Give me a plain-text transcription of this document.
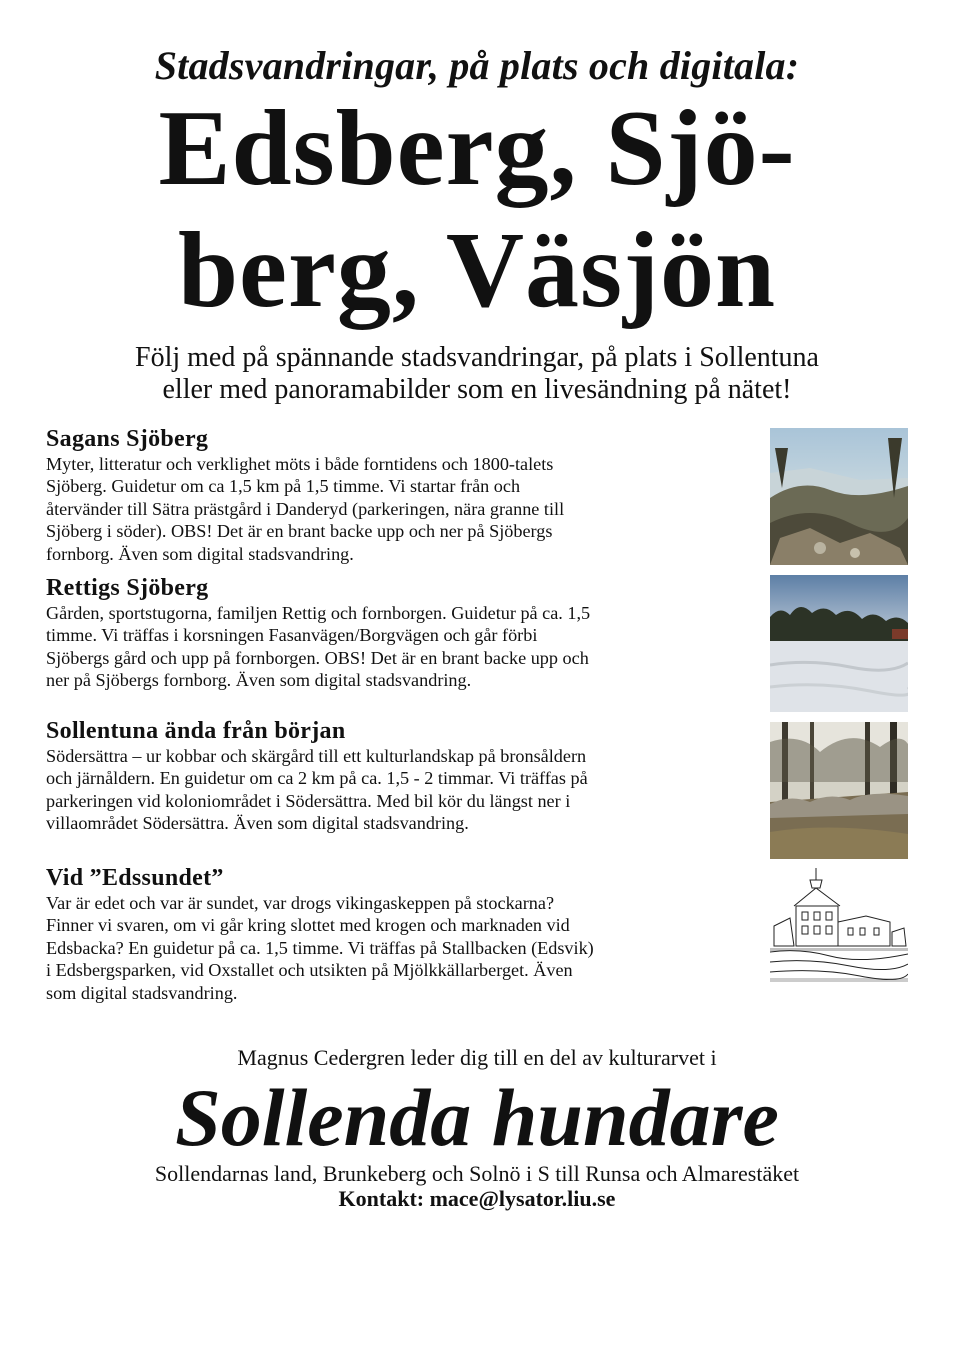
Stadsvandringar, på plats och digitala:
Edsberg, Sjö-
berg, Väsjön
Följ med på spännande stadsvandringar, på plats i Sollentuna
eller med panoramabilder som en livesändning på nätet!
Sagans Sjöberg
Myter, litteratur och verklighet möts i både forntidens och 1800-talets
Sjöberg. Guidetur om ca 1,5 km på 1,5 timme. Vi startar från och
återvänder till Sätra prästgård i Danderyd (parkeringen, nära granne till
Sjöberg i söder). OBS! Det är en brant backe upp och ner på Sjöbergs
fornborg. Även som digital stadsvandring.
Rettigs Sjöberg
Gården, sportstugorna, familjen Rettig och fornborgen. Guidetur på ca. 1,5
timme. Vi träffas i korsningen Fasanvägen/Borgvägen och går förbi
Sjöbergs gård och upp på fornborgen. OBS! Det är en brant backe upp och
ner på Sjöbergs fornborg. Även som digital stadsvandring.
Sollentuna ända från början
Södersättra – ur kobbar och skärgård till ett kulturlandskap på bronsåldern
och järnåldern. En guidetur om ca 2 km på ca. 1,5 - 2 timmar. Vi träffas på
parkeringen vid koloniområdet i Södersättra. Med bil kör du längst ner i
villaområdet Södersättra. Även som digital stadsvandring.
Vid ”Edssundet”
Var är edet och var är sundet, var drogs vikingaskeppen på stockarna?
Finner vi svaren, om vi går kring slottet med krogen och marknaden vid
Edsbacka? En guidetur på ca. 1,5 timme. Vi träffas på Stallbacken (Edsvik)
i Edsbergsparken, vid Oxstallet och utsikten på Mjölkkällarberget. Även
som digital stadsvandring.
Magnus Cedergren leder dig till en del av kulturarvet i
Sollenda hundare
Sollendarnas land, Brunkeberg och Solnö i S till Runsa och Almarestäket
Kontakt: mace@lysator.liu.se
